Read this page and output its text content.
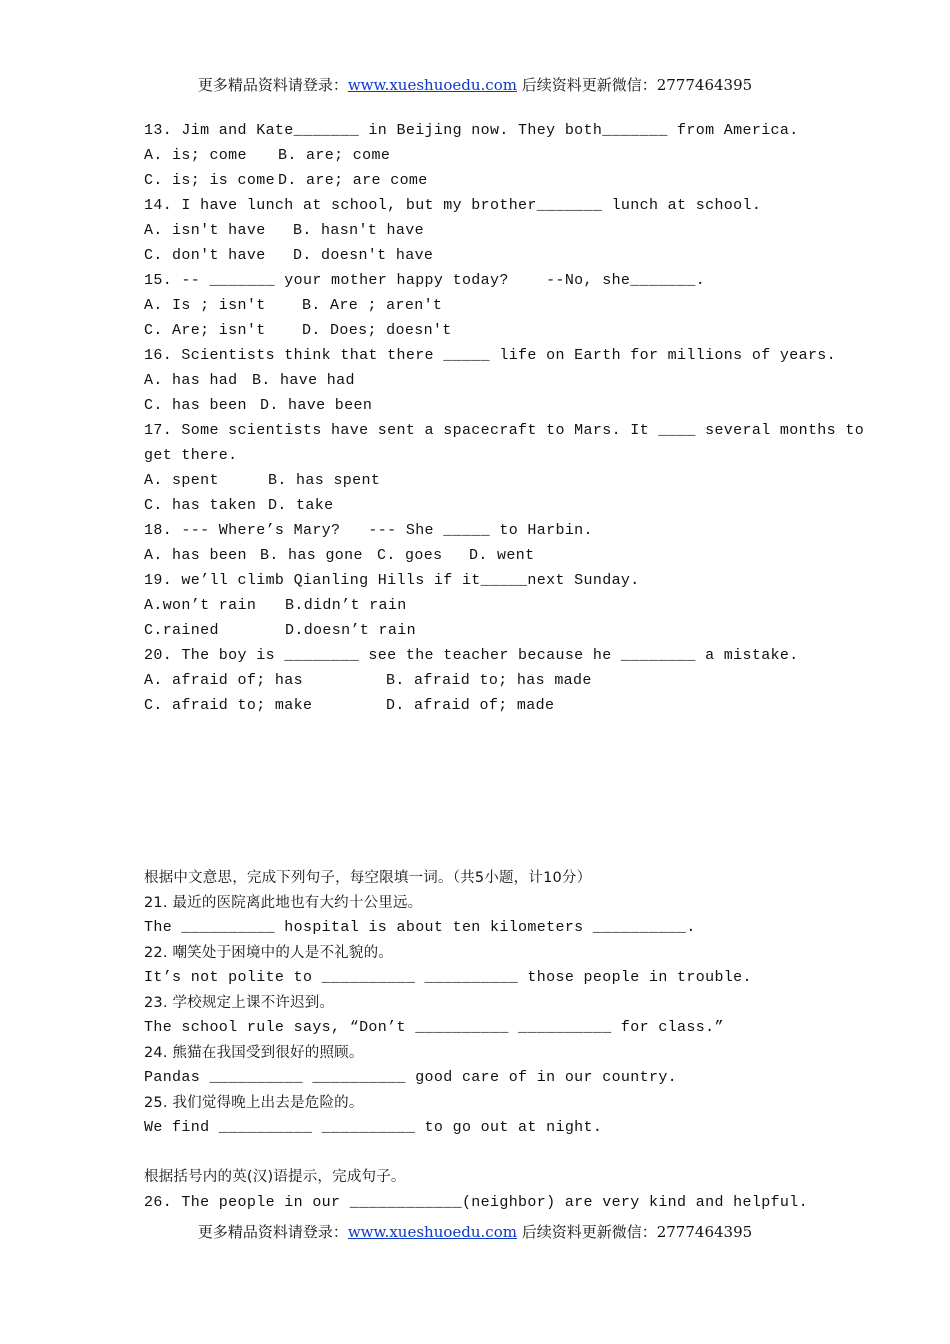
更多精品资料请登录：www.xueshuoedu.com 后续资料更新微信：2777464395
13. Jim and Kate_______ in Beijing now. They both_______ from America.
A. is; come B. are; come
C. is; is come D. are; are come
14. I have lunch at school, but my brother_______ lunch at school.
A. isn't have B. hasn't have
C. don't have D. doesn't have
15. -- _______ your mother happy today?    --No, she_______.
A. Is ; isn't B. Are ; aren't
C. Are; isn't D. Does; doesn't
16. Scientists think that there _____ life on Earth for millions of years.
A. has had B. have had
C. has been D. have been
17. Some scientists have sent a spacecraft to Mars. It ____ several months to
get there.
A. spent	B. has spent
C. has taken D. take
18. --- Where’s Mary?   --- She _____ to Harbin.
A. has been B. has gone C. goes D. went
19. we’ll climb Qianling Hills if it_____next Sunday.
A.won’t rain B.didn’t rain
C.rained	D.doesn’t rain
20. The boy is ________ see the teacher because he ________ a mistake.
A. afraid of; has	B. afraid to; has made
C. afraid to; make	D. afraid of; made
根据中文意思，完成下列句子，每空限填一词。（共5小题，计10分）
21. 最近的医院离此地也有大约十公里远。
The __________ hospital is about ten kilometers __________.
22. 嘲笑处于困境中的人是不礼貌的。
It’s not polite to __________ __________ those people in trouble.
23. 学校规定上课不许迟到。
The school rule says, “Don’t __________ __________ for class.”
24. 熊猫在我国受到很好的照顾。
Pandas __________ __________ good care of in our country.
25. 我们觉得晚上出去是危险的。
We find __________ __________ to go out at night.
根据括号内的英(汉)语提示，完成句子。
26. The people in our ____________(neighbor) are very kind and helpful.
更多精品资料请登录：www.xueshuoedu.com 后续资料更新微信：2777464395
